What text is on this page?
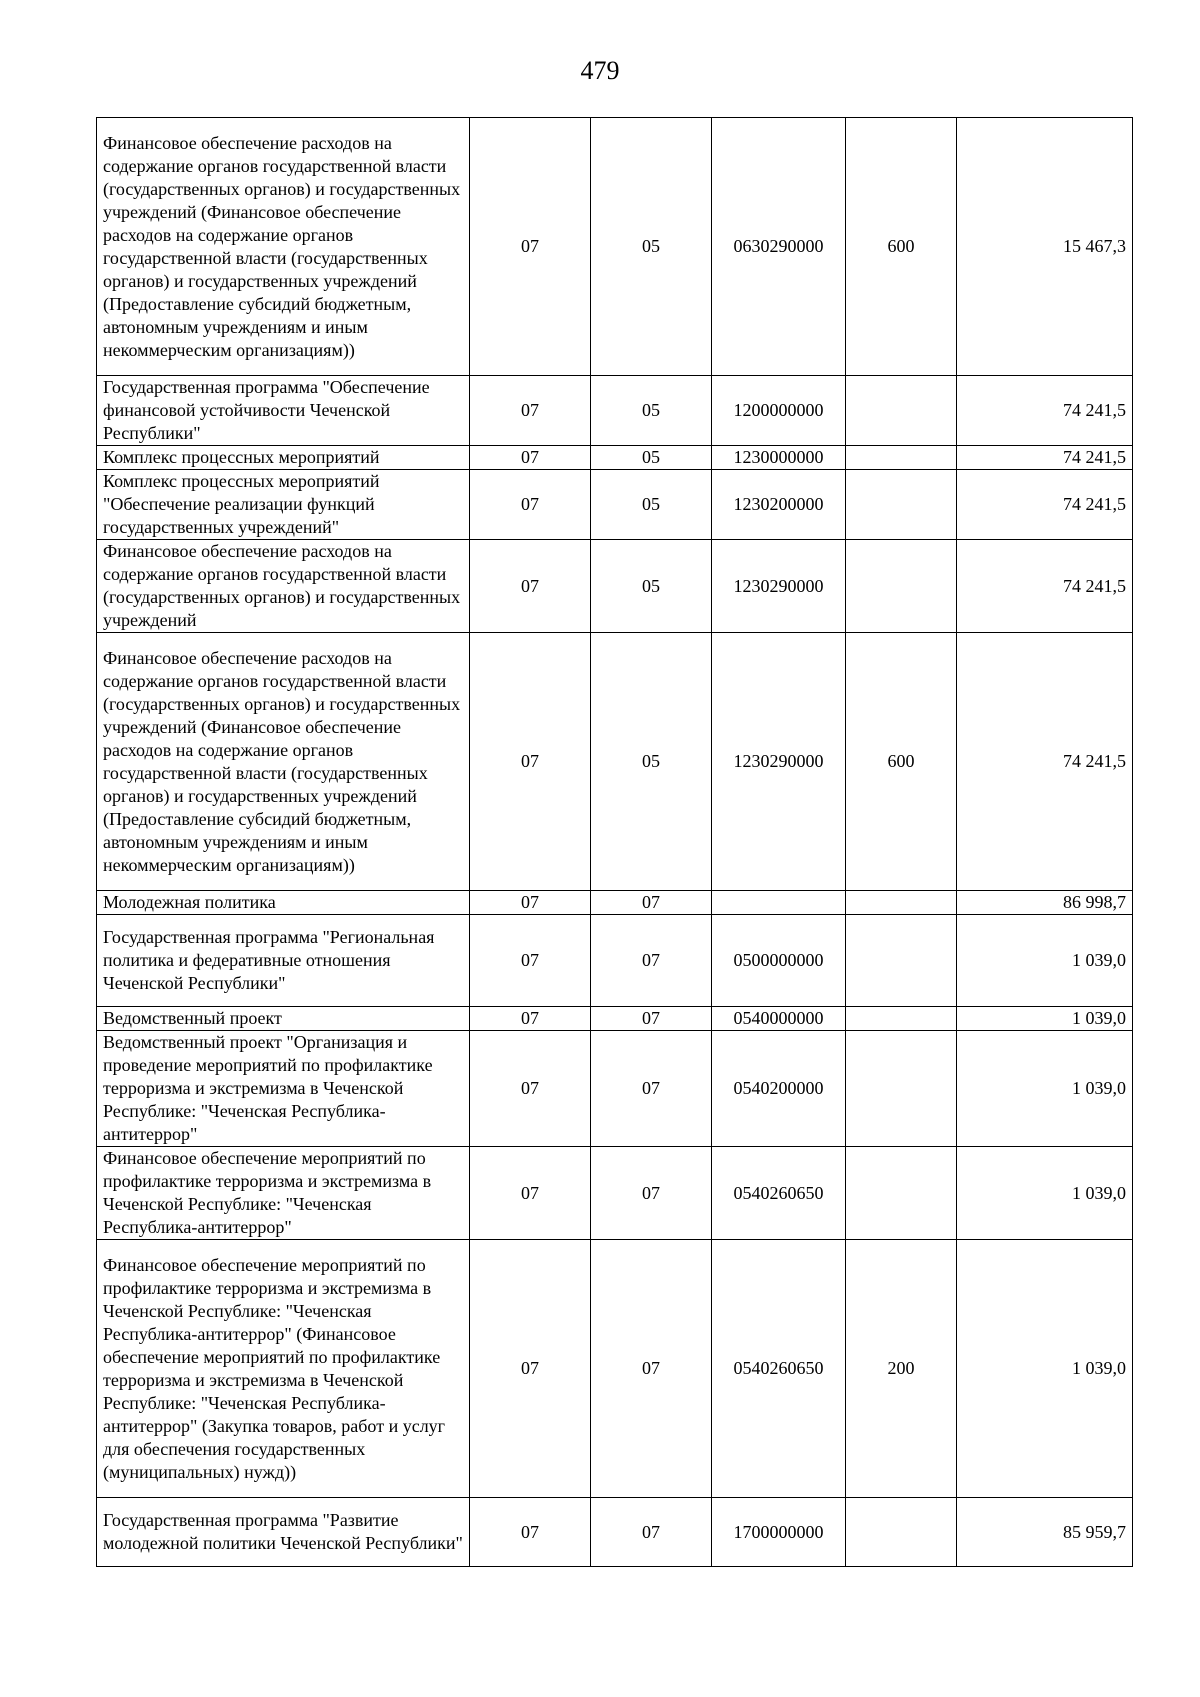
479
Финансовое обеспечение расходов на содержание органов государственной власти (государственных органов) и государственных учреждений (Финансовое обеспечение расходов на содержание органов государственной власти (государственных органов) и государственных учреждений (Предоставление субсидий бюджетным, автономным учреждениям и иным некоммерческим организациям))	07	05	0630290000	600	15 467,3
Государственная программа "Обеспечение финансовой устойчивости Чеченской Республики"	07	05	1200000000		74 241,5
Комплекс процессных мероприятий	07	05	1230000000		74 241,5
Комплекс процессных мероприятий "Обеспечение реализации функций государственных учреждений"	07	05	1230200000		74 241,5
Финансовое обеспечение расходов на содержание органов государственной власти (государственных органов) и государственных учреждений	07	05	1230290000		74 241,5
Финансовое обеспечение расходов на содержание органов государственной власти (государственных органов) и государственных учреждений (Финансовое обеспечение расходов на содержание органов государственной власти (государственных органов) и государственных учреждений (Предоставление субсидий бюджетным, автономным учреждениям и иным некоммерческим организациям))	07	05	1230290000	600	74 241,5
Молодежная политика	07	07			86 998,7
Государственная программа "Региональная политика и федеративные отношения Чеченской Республики"	07	07	0500000000		1 039,0
Ведомственный проект	07	07	0540000000		1 039,0
Ведомственный проект "Организация и проведение мероприятий по профилактике терроризма и экстремизма в Чеченской Республике: "Чеченская Республика-антитеррор"	07	07	0540200000		1 039,0
Финансовое обеспечение мероприятий по профилактике терроризма и экстремизма в Чеченской Республике: "Чеченская Республика-антитеррор"	07	07	0540260650		1 039,0
Финансовое обеспечение мероприятий по профилактике терроризма и экстремизма в Чеченской Республике: "Чеченская Республика-антитеррор" (Финансовое обеспечение мероприятий по профилактике терроризма и экстремизма в Чеченской Республике: "Чеченская Республика-антитеррор" (Закупка товаров, работ и услуг для обеспечения государственных (муниципальных) нужд))	07	07	0540260650	200	1 039,0
Государственная программа "Развитие молодежной политики Чеченской Республики"	07	07	1700000000		85 959,7
